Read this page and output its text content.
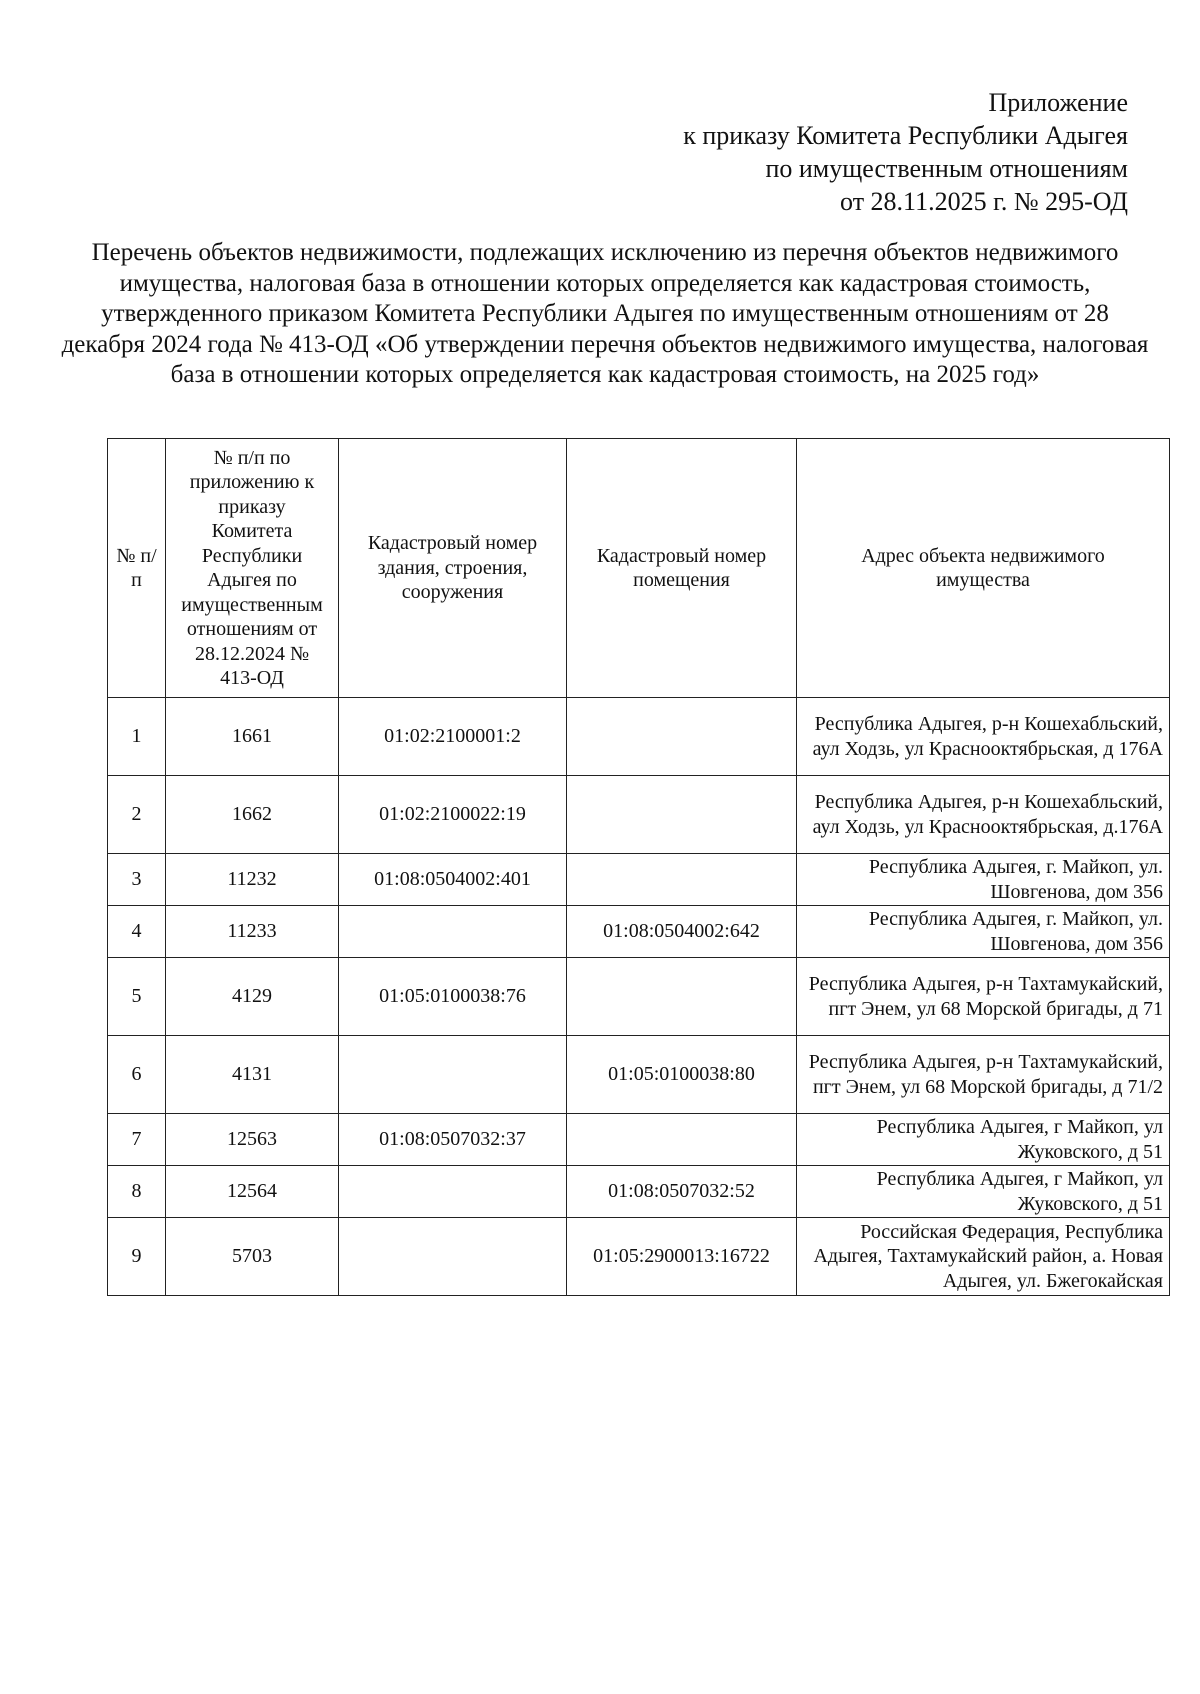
Приложение
к приказу Комитета Республики Адыгея
по имущественным отношениям
от 28.11.2025 г. № 295-ОД
Перечень объектов недвижимости, подлежащих исключению из перечня объектов недвижимого имущества, налоговая база в отношении которых определяется как кадастровая стоимость, утвержденного приказом Комитета Республики Адыгея по имущественным отношениям от 28 декабря 2024 года № 413-ОД «Об утверждении перечня объектов недвижимого имущества, налоговая база в отношении которых определяется как кадастровая стоимость, на 2025 год»
№ п/п	№ п/п по приложению к приказу Комитета Республики Адыгея по имущественным отношениям от 28.12.2024 № 413-ОД	Кадастровый номер здания, строения, сооружения	Кадастровый номер помещения	Адрес объекта недвижимого имущества
1	1661	01:02:2100001:2		Республика Адыгея, р-н Кошехабльский, аул Ходзь, ул Краснооктябрьская, д 176А
2	1662	01:02:2100022:19		Республика Адыгея, р-н Кошехабльский, аул Ходзь, ул Краснооктябрьская, д.176А
3	11232	01:08:0504002:401		Республика Адыгея, г. Майкоп, ул. Шовгенова, дом 356
4	11233		01:08:0504002:642	Республика Адыгея, г. Майкоп, ул. Шовгенова, дом 356
5	4129	01:05:0100038:76		Республика Адыгея, р-н Тахтамукайский, пгт Энем, ул 68 Морской бригады, д 71
6	4131		01:05:0100038:80	Республика Адыгея, р-н Тахтамукайский, пгт Энем, ул 68 Морской бригады, д 71/2
7	12563	01:08:0507032:37		Республика Адыгея, г Майкоп, ул Жуковского, д 51
8	12564		01:08:0507032:52	Республика Адыгея, г Майкоп, ул Жуковского, д 51
9	5703		01:05:2900013:16722	Российская Федерация, Республика Адыгея, Тахтамукайский район, а. Новая Адыгея, ул. Бжегокайская
